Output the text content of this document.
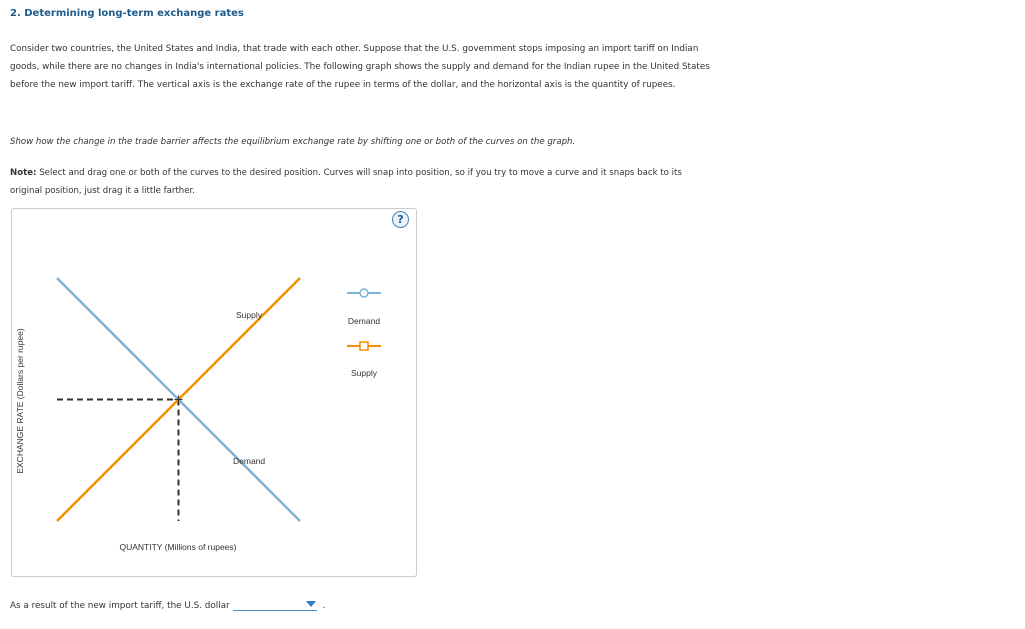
2. Determining long-term exchange rates

Consider two countries, the United States and India, that trade with each other. Suppose that the U.S. government stops imposing an import tariff on Indian goods, while there are no changes in India's international policies. The following graph shows the supply and demand for the Indian rupee in the United States before the new import tariff. The vertical axis is the exchange rate of the rupee in terms of the dollar, and the horizontal axis is the quantity of rupees.

Show how the change in the trade barrier affects the equilibrium exchange rate by shifting one or both of the curves on the graph.

Note: Select and drag one or both of the curves to the desired position. Curves will snap into position, so if you try to move a curve and it snaps back to its original position, just drag it a little farther.

EXCHANGE RATE (Dollars per rupee)
QUANTITY (Millions of rupees)
Supply
Demand
Demand
Supply
?
As a result of the new import tariff, the U.S. dollar	.
